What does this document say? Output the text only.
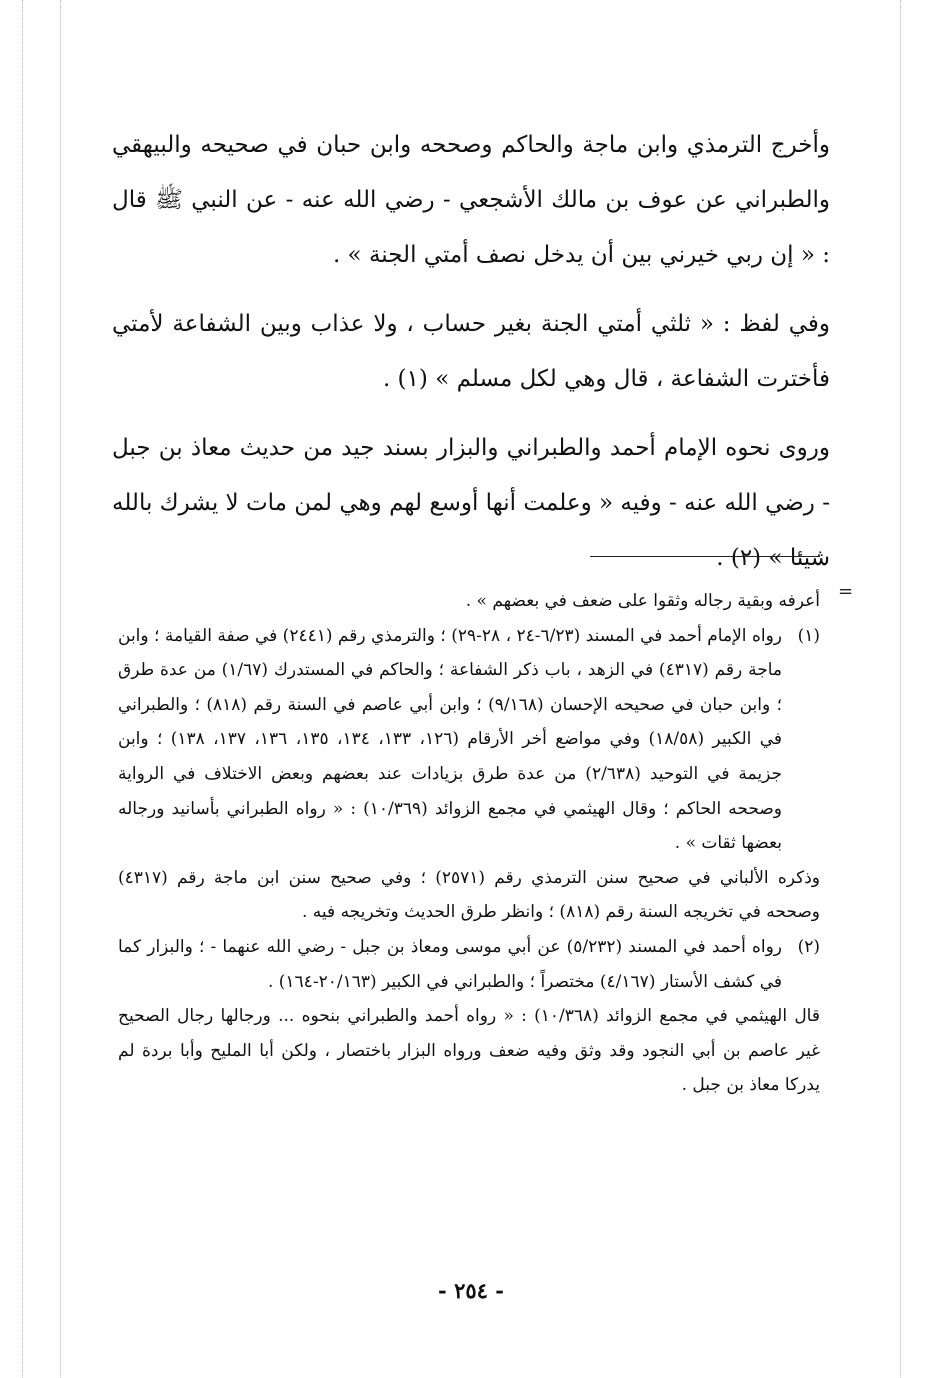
وأخرج الترمذي وابن ماجة والحاكم وصححه وابن حبان في صحيحه والبيهقي والطبراني عن عوف بن مالك الأشجعي - رضي الله عنه - عن النبي ﷺ قال : « إن ربي خيرني بين أن يدخل نصف أمتي الجنة » .

وفي لفظ : « ثلثي أمتي الجنة بغير حساب ، ولا عذاب وبين الشفاعة لأمتي فأخترت الشفاعة ، قال وهي لكل مسلم » (١) .

وروى نحوه الإمام أحمد والطبراني والبزار بسند جيد من حديث معاذ بن جبل - رضي الله عنه - وفيه « وعلمت أنها أوسع لهم وهي لمن مات لا يشرك بالله شيئا » (٢) .

=

أعرفه وبقية رجاله وثقوا على ضعف في بعضهم » .

(١)

رواه الإمام أحمد في المسند (٦/٢٣-٢٤ ، ٢٨-٢٩) ؛ والترمذي رقم (٢٤٤١) في صفة القيامة ؛ وابن ماجة رقم (٤٣١٧) في الزهد ، باب ذكر الشفاعة ؛ والحاكم في المستدرك (١/٦٧) من عدة طرق ؛ وابن حبان في صحيحه الإحسان (٩/١٦٨) ؛ وابن أبي عاصم في السنة رقم (٨١٨) ؛ والطبراني في الكبير (١٨/٥٨) وفي مواضع أخر الأرقام (١٢٦، ١٣٣، ١٣٤، ١٣٥، ١٣٦، ١٣٧، ١٣٨) ؛ وابن جزيمة في التوحيد (٢/٦٣٨) من عدة طرق بزيادات عند بعضهم وبعض الاختلاف في الرواية وصححه الحاكم ؛ وقال الهيثمي في مجمع الزوائد (١٠/٣٦٩) : « رواه الطبراني بأسانيد ورجاله بعضها ثقات » .

وذكره الألباني في صحيح سنن الترمذي رقم (٢٥٧١) ؛ وفي صحيح سنن ابن ماجة رقم (٤٣١٧) وصححه في تخريجه السنة رقم (٨١٨) ؛ وانظر طرق الحديث وتخريجه فيه .

(٢)

رواه أحمد في المسند (٥/٢٣٢) عن أبي موسى ومعاذ بن جبل - رضي الله عنهما - ؛ والبزار كما في كشف الأستار (٤/١٦٧) مختصراً ؛ والطبراني في الكبير (٢٠/١٦٣-١٦٤) .

قال الهيثمي في مجمع الزوائد (١٠/٣٦٨) : « رواه أحمد والطبراني بنحوه ... ورجالها رجال الصحيح غير عاصم بن أبي النجود وقد وثق وفيه ضعف ورواه البزار باختصار ، ولكن أبا المليح وأبا بردة لم يدركا معاذ بن جبل .

- ٢٥٤ -
